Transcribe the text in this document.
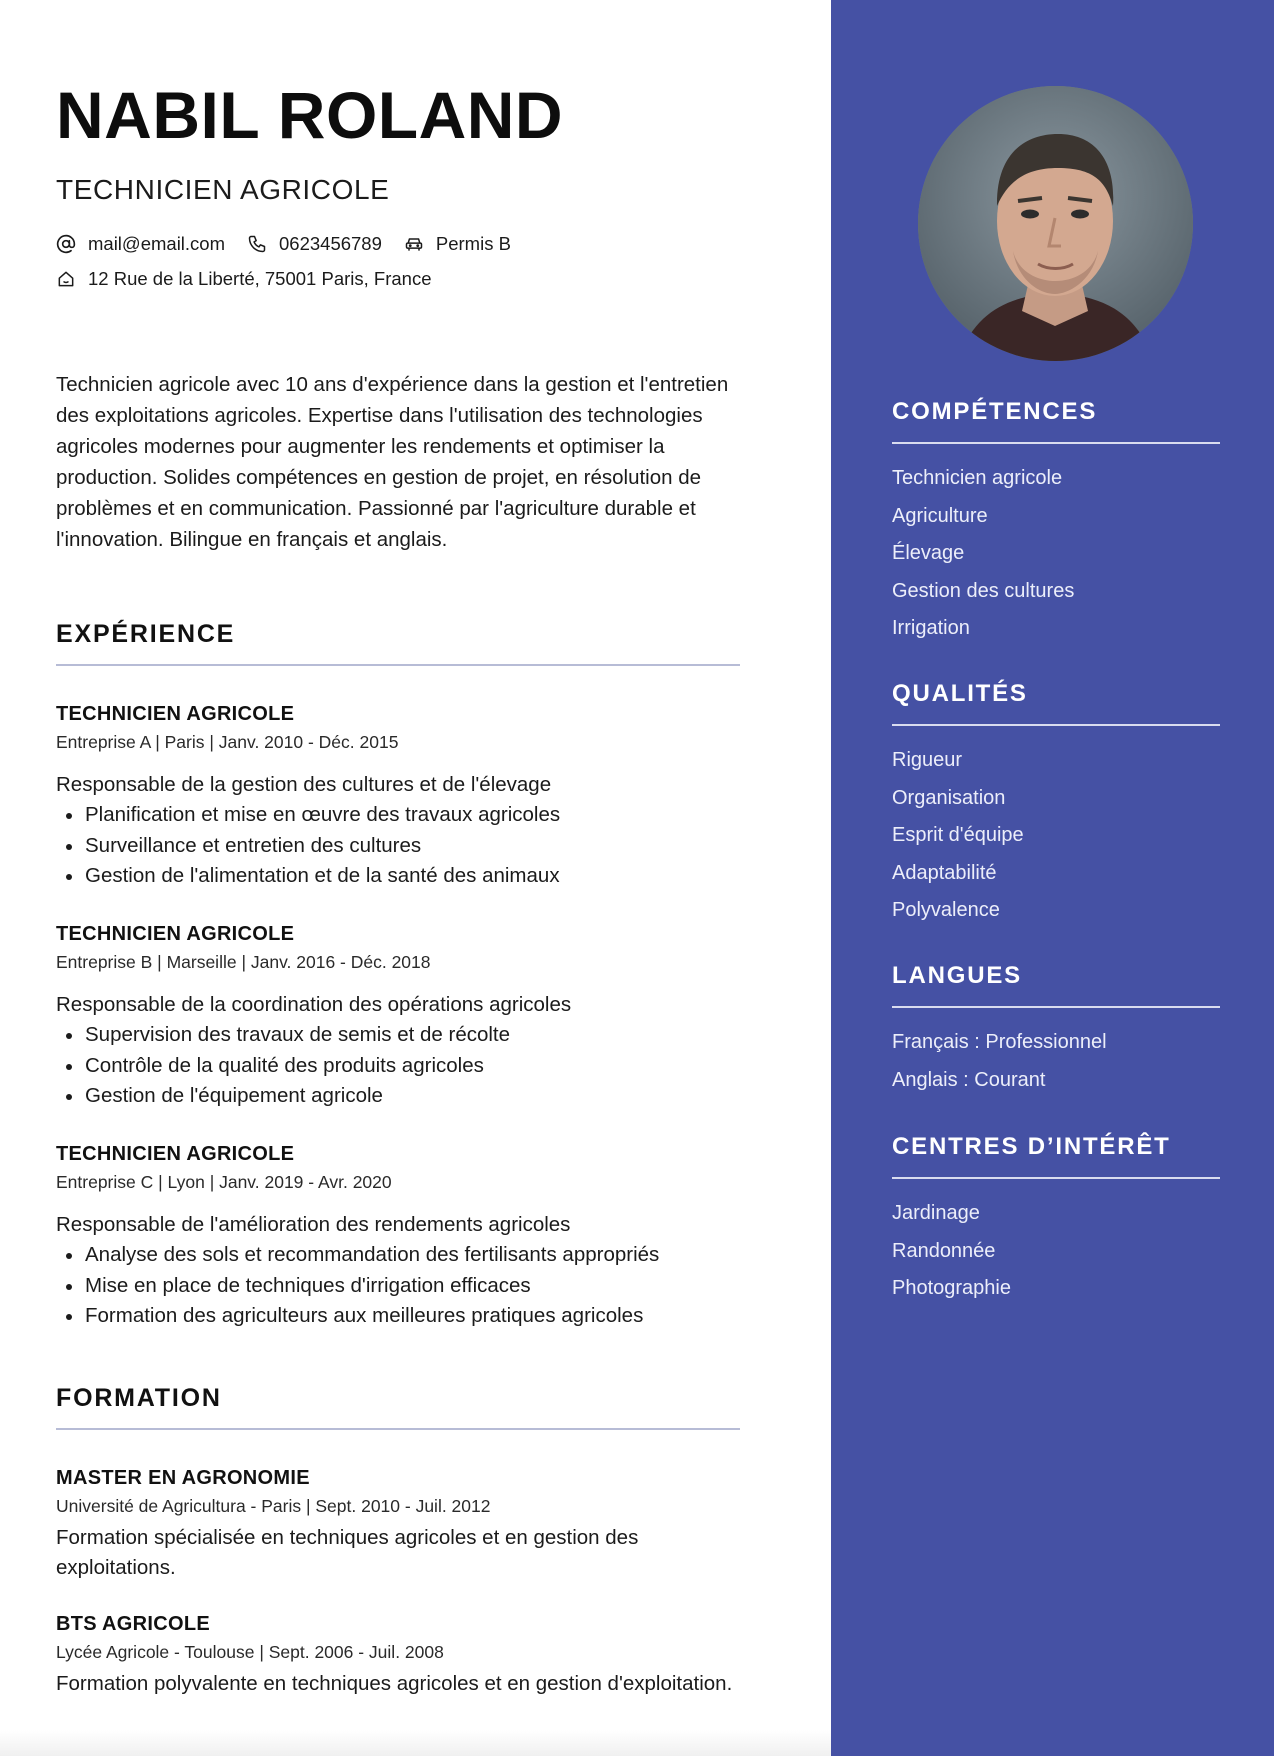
NABIL ROLAND
TECHNICIEN AGRICOLE
mail@email.com	0623456789	Permis B
12 Rue de la Liberté, 75001 Paris, France
Technicien agricole avec 10 ans d'expérience dans la gestion et l'entretien des exploitations agricoles. Expertise dans l'utilisation des technologies agricoles modernes pour augmenter les rendements et optimiser la production. Solides compétences en gestion de projet, en résolution de problèmes et en communication. Passionné par l'agriculture durable et l'innovation. Bilingue en français et anglais.
EXPÉRIENCE
TECHNICIEN AGRICOLE
Entreprise A | Paris | Janv. 2010 - Déc. 2015
Responsable de la gestion des cultures et de l'élevage
Planification et mise en œuvre des travaux agricoles
Surveillance et entretien des cultures
Gestion de l'alimentation et de la santé des animaux
TECHNICIEN AGRICOLE
Entreprise B | Marseille | Janv. 2016 - Déc. 2018
Responsable de la coordination des opérations agricoles
Supervision des travaux de semis et de récolte
Contrôle de la qualité des produits agricoles
Gestion de l'équipement agricole
TECHNICIEN AGRICOLE
Entreprise C | Lyon | Janv. 2019 - Avr. 2020
Responsable de l'amélioration des rendements agricoles
Analyse des sols et recommandation des fertilisants appropriés
Mise en place de techniques d'irrigation efficaces
Formation des agriculteurs aux meilleures pratiques agricoles
FORMATION
MASTER EN AGRONOMIE
Université de Agricultura - Paris | Sept. 2010 - Juil. 2012
Formation spécialisée en techniques agricoles et en gestion des exploitations.
BTS AGRICOLE
Lycée Agricole - Toulouse | Sept. 2006 - Juil. 2008
Formation polyvalente en techniques agricoles et en gestion d'exploitation.
COMPÉTENCES
Technicien agricole
Agriculture
Élevage
Gestion des cultures
Irrigation
QUALITÉS
Rigueur
Organisation
Esprit d'équipe
Adaptabilité
Polyvalence
LANGUES
Français : Professionnel
Anglais : Courant
CENTRES D’INTÉRÊT
Jardinage
Randonnée
Photographie
